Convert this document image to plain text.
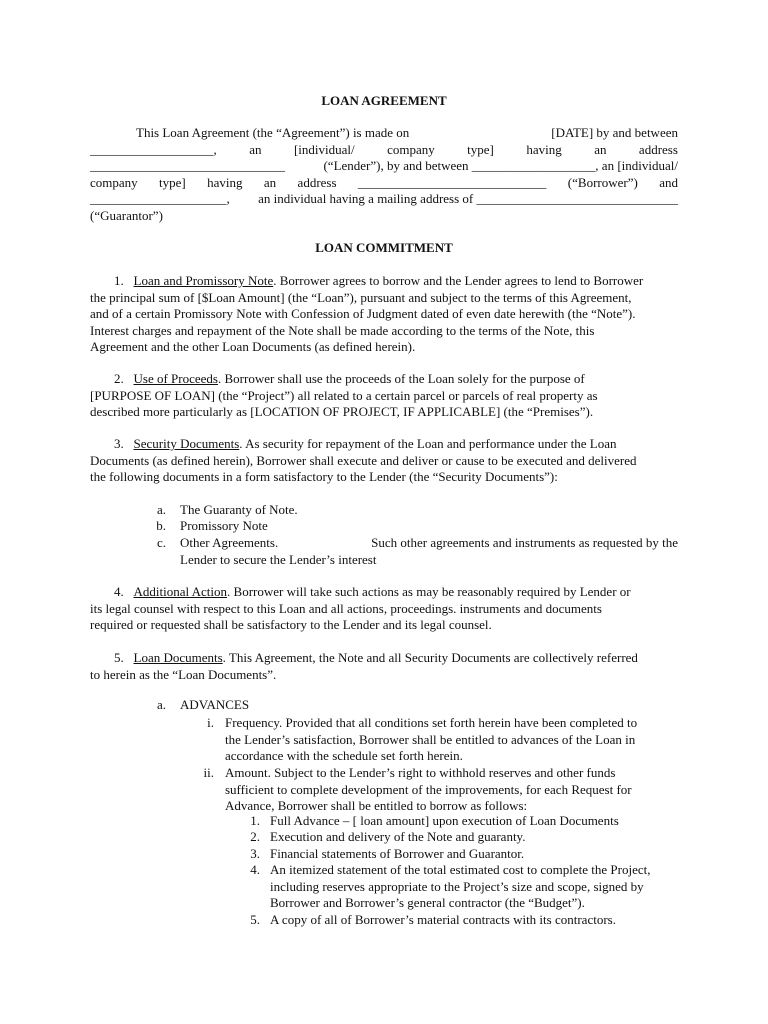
LOAN AGREEMENT
This Loan Agreement (the “Agreement”) is made on	[DATE] by and between
___________________, an [individual/ company type] having an address
______________________________	(“Lender”), by and between ___________________, an [individual/
company type] having an address _____________________________ (“Borrower”) and
_____________________, an individual having a mailing address of _______________________________
(“Guarantor”)
LOAN COMMITMENT
1.
Loan and Promissory Note . Borrower agrees to borrow and the Lender agrees to lend to Borrower
the principal sum of [$Loan Amount] (the “Loan”), pursuant and subject to the terms of this Agreement,
and of a certain Promissory Note with Confession of Judgment dated of even date herewith (the “Note”).
Interest charges and repayment of the Note shall be made according to the terms of the Note, this
Agreement and the other Loan Documents (as defined herein).
2.
Use of Proceeds . Borrower shall use the proceeds of the Loan solely for the purpose of
[PURPOSE OF LOAN] (the “Project”) all related to a certain parcel or parcels of real property as
described more particularly as [LOCATION OF PROJECT, IF APPLICABLE] (the “Premises”).
3.
Security Documents . As security for repayment of the Loan and performance under the Loan
Documents (as defined herein), Borrower shall execute and deliver or cause to be executed and delivered
the following documents in a form satisfactory to the Lender (the “Security Documents”):
a. The Guaranty of Note.
b. Promissory Note
c. Other Agreements.	Such other agreements and instruments as requested by the
Lender to secure the Lender’s interest
4.
Additional Action . Borrower will take such actions as may be reasonably required by Lender or
its legal counsel with respect to this Loan and all actions, proceedings. instruments and documents
required or requested shall be satisfactory to the Lender and its legal counsel.
5.
Loan Documents . This Agreement, the Note and all Security Documents are collectively referred
to herein as the “Loan Documents”.
a. ADVANCES
i. Frequency. Provided that all conditions set forth herein have been completed to
the Lender’s satisfaction, Borrower shall be entitled to advances of the Loan in
accordance with the schedule set forth herein.
ii. Amount. Subject to the Lender’s right to withhold reserves and other funds
sufficient to complete development of the improvements, for each Request for
Advance, Borrower shall be entitled to borrow as follows:
1. Full Advance – [ loan amount] upon execution of Loan Documents
2. Execution and delivery of the Note and guaranty.
3. Financial statements of Borrower and Guarantor.
4. An itemized statement of the total estimated cost to complete the Project,
including reserves appropriate to the Project’s size and scope, signed by
Borrower and Borrower’s general contractor (the “Budget”).
5. A copy of all of Borrower’s material contracts with its contractors.
